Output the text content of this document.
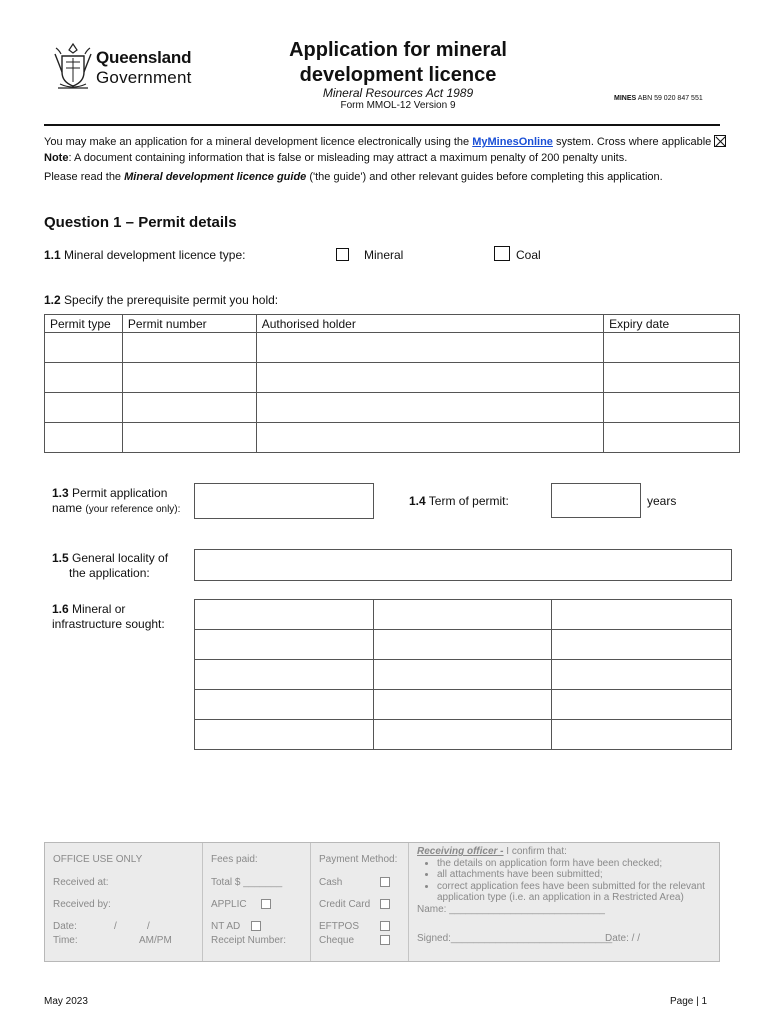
Queensland
Government
Application for mineral
development licence
Mineral Resources Act 1989
Form MMOL-12 Version 9
MINES ABN 59 020 847 551
You may make an application for a mineral development licence electronically using the MyMinesOnline system. Cross where applicableNote: A document containing information that is false or misleading may attract a maximum penalty of 200 penalty units.
Please read the Mineral development licence guide ('the guide') and other relevant guides before completing this application.
Question 1 – Permit details
1.1 Mineral development licence type:	Mineral	Coal
1.2 Specify the prerequisite permit you hold:
Permit type	Permit number	Authorised holder	Expiry date

1.3 Permit application
name (your reference only):
1.4 Term of permit:	years
1.5 General locality of
the application:
1.6 Mineral or
infrastructure sought:

OFFICE USE ONLY
Received at:
Received by:
Date:	/	/
Time:	AM/PM
Fees paid:
Total $ _______
APPLIC
NT AD
Receipt Number:
Payment Method:
Cash
Credit Card
EFTPOS
Cheque
Receiving officer - I confirm that:
• the details on application form have been checked;
• all attachments have been submitted;
• correct application fees have been submitted for the relevant application type (i.e. an application in a Restricted Area)
Name: ____________________________
Signed:_____________________________
Date: / /
May 2023	Page | 1
